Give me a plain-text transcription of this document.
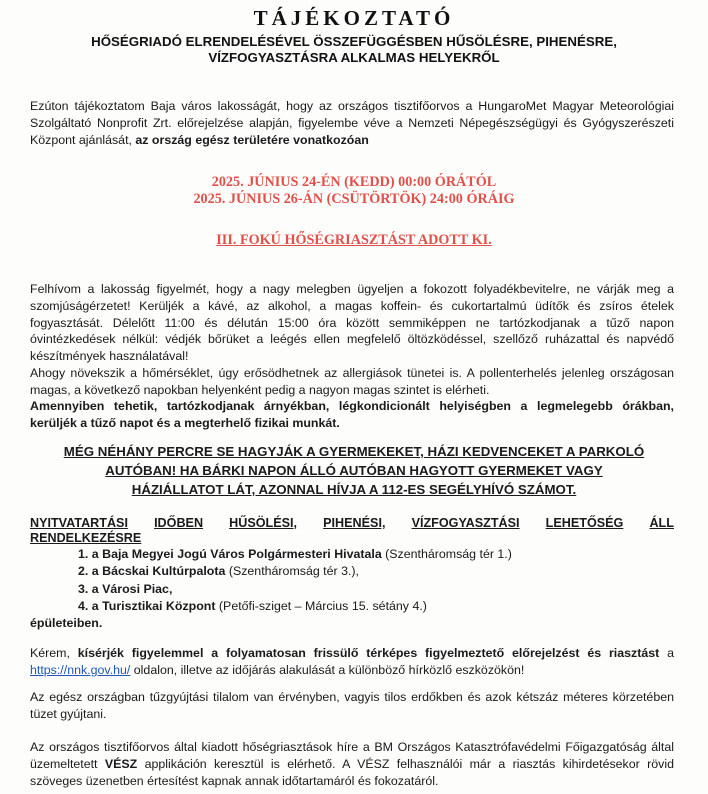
TÁJÉKOZTATÓ
HŐSÉGRIADÓ ELRENDELÉSÉVEL ÖSSZEFÜGGÉSBEN HŰSÖLÉSRE, PIHENÉSRE,
VÍZFOGYASZTÁSRA ALKALMAS HELYEKRŐL
Ezúton tájékoztatom Baja város lakosságát, hogy az országos tisztifőorvos a HungaroMet Magyar Meteorológiai Szolgáltató Nonprofit Zrt. előrejelzése alapján, figyelembe véve a Nemzeti Népegészségügyi és Gyógyszerészeti Központ ajánlását, az ország egész területére vonatkozóan
2025. JÚNIUS 24-ÉN (KEDD) 00:00 ÓRÁTÓL
2025. JÚNIUS 26-ÁN (CSÜTÖRTÖK) 24:00 ÓRÁIG
III. FOKÚ HŐSÉGRIASZTÁST ADOTT KI.
Felhívom a lakosság figyelmét, hogy a nagy melegben ügyeljen a fokozott folyadékbevitelre, ne várják meg a szomjúságérzetet! Kerüljék a kávé, az alkohol, a magas koffein- és cukortartalmú üdítők és zsíros ételek fogyasztását. Délelőtt 11:00 és délután 15:00 óra között semmiképpen ne tartózkodjanak a tűző napon óvintézkedések nélkül: védjék bőrüket a leégés ellen megfelelő öltözködéssel, szellőző ruházattal és napvédő készítmények használatával!
Ahogy növekszik a hőmérséklet, úgy erősödhetnek az allergiások tünetei is. A pollenterhelés jelenleg országosan magas, a következő napokban helyenként pedig a nagyon magas szintet is elérheti.
Amennyiben tehetik, tartózkodjanak árnyékban, légkondicionált helyiségben a legmelegebb órákban, kerüljék a tűző napot és a megterhelő fizikai munkát.
MÉG NÉHÁNY PERCRE SE HAGYJÁK A GYERMEKEKET, HÁZI KEDVENCEKET A PARKOLÓ
AUTÓBAN! HA BÁRKI NAPON ÁLLÓ AUTÓBAN HAGYOTT GYERMEKET VAGY
HÁZIÁLLATOT LÁT, AZONNAL HÍVJA A 112-ES SEGÉLYHÍVÓ SZÁMOT.
NYITVATARTÁSI IDŐBEN HŰSÖLÉSI, PIHENÉSI, VÍZFOGYASZTÁSI LEHETŐSÉG ÁLL
RENDELKEZÉSRE
1. a Baja Megyei Jogú Város Polgármesteri Hivatala (Szentháromság tér 1.)
2. a Bácskai Kultúrpalota (Szentháromság tér 3.),
3. a Városi Piac,
4. a Turisztikai Központ (Petőfi-sziget – Március 15. sétány 4.)
épületeiben.
Kérem, kísérjék figyelemmel a folyamatosan frissülő térképes figyelmeztető előrejelzést és riasztást a https://nnk.gov.hu/ oldalon, illetve az időjárás alakulását a különböző hírközlő eszközökön!
Az egész országban tűzgyújtási tilalom van érvényben, vagyis tilos erdőkben és azok kétszáz méteres körzetében tüzet gyújtani.
Az országos tisztifőorvos által kiadott hőségriasztások híre a BM Országos Katasztrófavédelmi Főigazgatóság által üzemeltetett VÉSZ applikáción keresztül is elérhető. A VÉSZ felhasználói már a riasztás kihirdetésekor rövid szöveges üzenetben értesítést kapnak annak időtartamáról és fokozatáról.
